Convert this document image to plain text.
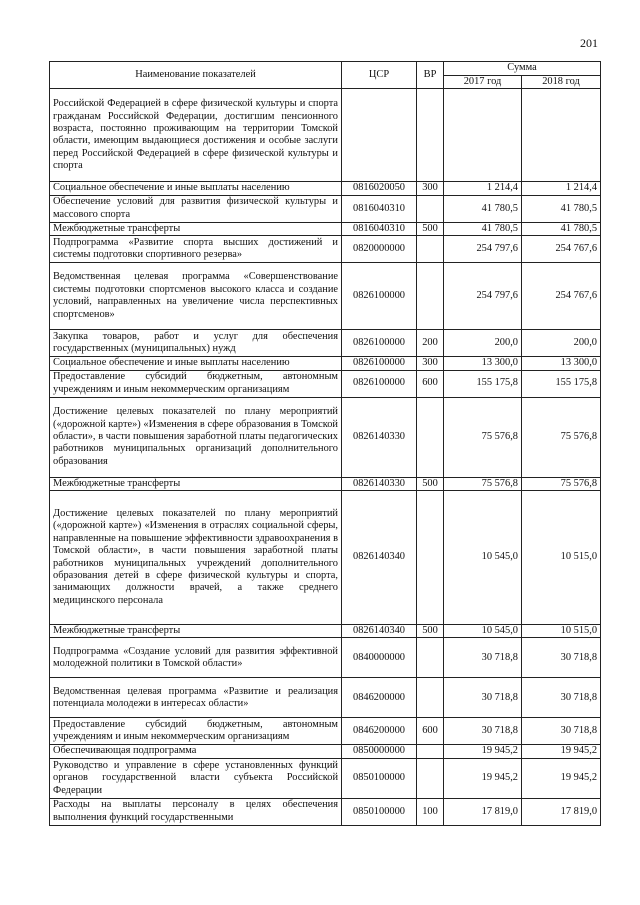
201
Наименование показателей	ЦСР	ВР	Сумма	
			2017 год	2018 год
Российской Федерацией в сфере физической культуры и спорта гражданам Российской Федерации, достигшим пенсионного возраста, постоянно проживающим на территории Томской области, имеющим выдающиеся достижения и особые заслуги перед Российской Федерацией в сфере физической культуры и спорта				
Социальное обеспечение и иные выплаты населению	0816020050	300	1 214,4	1 214,4
Обеспечение условий для развития физической культуры и массового спорта	0816040310		41 780,5	41 780,5
Межбюджетные трансферты	0816040310	500	41 780,5	41 780,5
Подпрограмма «Развитие спорта высших достижений и системы подготовки спортивного резерва»	0820000000		254 797,6	254 767,6
Ведомственная целевая программа «Совершенствование системы подготовки спортсменов высокого класса и создание условий, направленных на увеличение числа перспективных спортсменов»	0826100000		254 797,6	254 767,6
Закупка товаров, работ и услуг для обеспечения государственных (муниципальных) нужд	0826100000	200	200,0	200,0
Социальное обеспечение и иные выплаты населению	0826100000	300	13 300,0	13 300,0
Предоставление субсидий бюджетным, автономным учреждениям и иным некоммерческим организациям	0826100000	600	155 175,8	155 175,8
Достижение целевых показателей по плану мероприятий («дорожной карте») «Изменения в сфере образования в Томской области», в части повышения заработной платы педагогических работников муниципальных организаций дополнительного образования	0826140330		75 576,8	75 576,8
Межбюджетные трансферты	0826140330	500	75 576,8	75 576,8
Достижение целевых показателей по плану мероприятий («дорожной карте») «Изменения в отраслях социальной сферы, направленные на повышение эффективности здравоохранения в Томской области», в части повышения заработной платы работников муниципальных учреждений дополнительного образования детей в сфере физической культуры и спорта, занимающих должности врачей, а также среднего медицинского персонала	0826140340		10 545,0	10 515,0
Межбюджетные трансферты	0826140340	500	10 545,0	10 515,0
Подпрограмма «Создание условий для развития эффективной молодежной политики в Томской области»	0840000000		30 718,8	30 718,8
Ведомственная целевая программа «Развитие и реализация потенциала молодежи в интересах области»	0846200000		30 718,8	30 718,8
Предоставление субсидий бюджетным, автономным учреждениям и иным некоммерческим организациям	0846200000	600	30 718,8	30 718,8
Обеспечивающая подпрограмма	0850000000		19 945,2	19 945,2
Руководство и управление в сфере установленных функций органов государственной власти субъекта Российской Федерации	0850100000		19 945,2	19 945,2
Расходы на выплаты персоналу в целях обеспечения выполнения функций государственными	0850100000	100	17 819,0	17 819,0
